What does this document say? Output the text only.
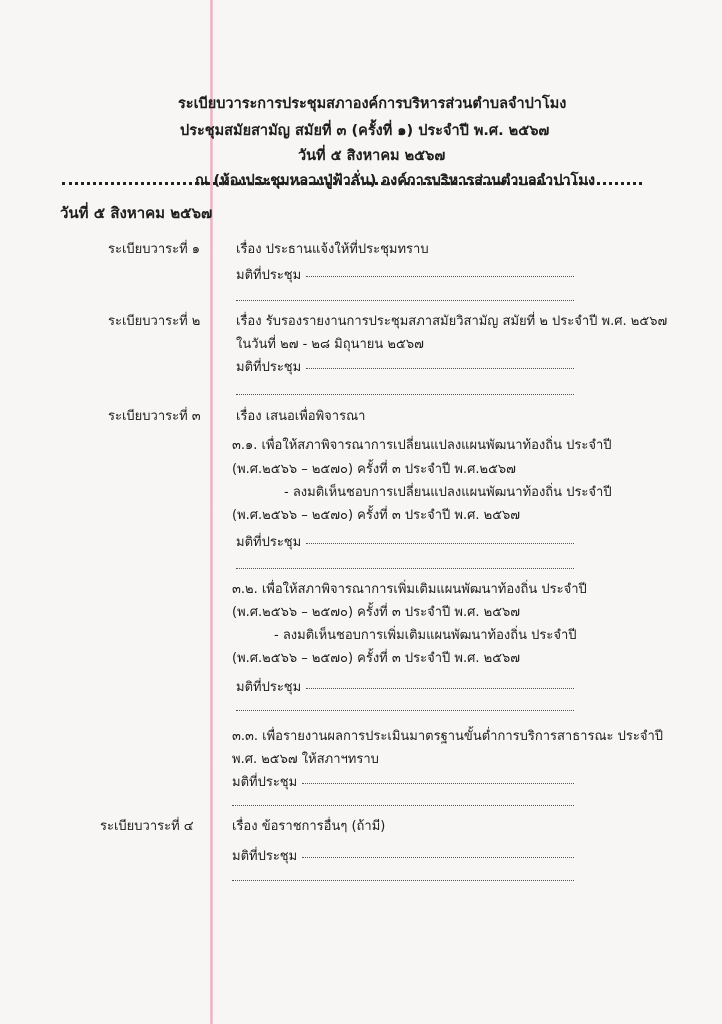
ระเบียบวาระการประชุมสภาองค์การบริหารส่วนตำบลจำปาโมง
ประชุมสมัยสามัญ สมัยที่ ๓ (ครั้งที่ ๑) ประจำปี พ.ศ. ๒๕๖๗
วันที่ ๕ สิงหาคม ๒๕๖๗
ณ (ห้องประชุมหลวงปู่ฟ้าลั่น) องค์การบริหารส่วนตำบลจำปาโมง
วันที่ ๕ สิงหาคม ๒๕๖๗
ระเบียบวาระที่ ๑	เรื่อง ประธานแจ้งให้ที่ประชุมทราบ
มติที่ประชุม
ระเบียบวาระที่ ๒	เรื่อง รับรองรายงานการประชุมสภาสมัยวิสามัญ สมัยที่ ๒ ประจำปี พ.ศ. ๒๕๖๗
ในวันที่ ๒๗ - ๒๘ มิถุนายน ๒๕๖๗
มติที่ประชุม
ระเบียบวาระที่ ๓	เรื่อง เสนอเพื่อพิจารณา
๓.๑. เพื่อให้สภาพิจารณาการเปลี่ยนแปลงแผนพัฒนาท้องถิ่น ประจำปี
(พ.ศ.๒๕๖๖ – ๒๕๗๐) ครั้งที่ ๓ ประจำปี พ.ศ.๒๕๖๗
- ลงมติเห็นชอบการเปลี่ยนแปลงแผนพัฒนาท้องถิ่น ประจำปี
(พ.ศ.๒๕๖๖ – ๒๕๗๐) ครั้งที่ ๓ ประจำปี พ.ศ. ๒๕๖๗
มติที่ประชุม
๓.๒. เพื่อให้สภาพิจารณาการเพิ่มเติมแผนพัฒนาท้องถิ่น ประจำปี
(พ.ศ.๒๕๖๖ – ๒๕๗๐) ครั้งที่ ๓ ประจำปี พ.ศ. ๒๕๖๗
- ลงมติเห็นชอบการเพิ่มเติมแผนพัฒนาท้องถิ่น ประจำปี
(พ.ศ.๒๕๖๖ – ๒๕๗๐) ครั้งที่ ๓ ประจำปี พ.ศ. ๒๕๖๗
มติที่ประชุม
๓.๓. เพื่อรายงานผลการประเมินมาตรฐานขั้นต่ำการบริการสาธารณะ ประจำปี
พ.ศ. ๒๕๖๗ ให้สภาฯทราบ
มติที่ประชุม
ระเบียบวาระที่ ๔	เรื่อง ข้อราชการอื่นๆ (ถ้ามี)
มติที่ประชุม
